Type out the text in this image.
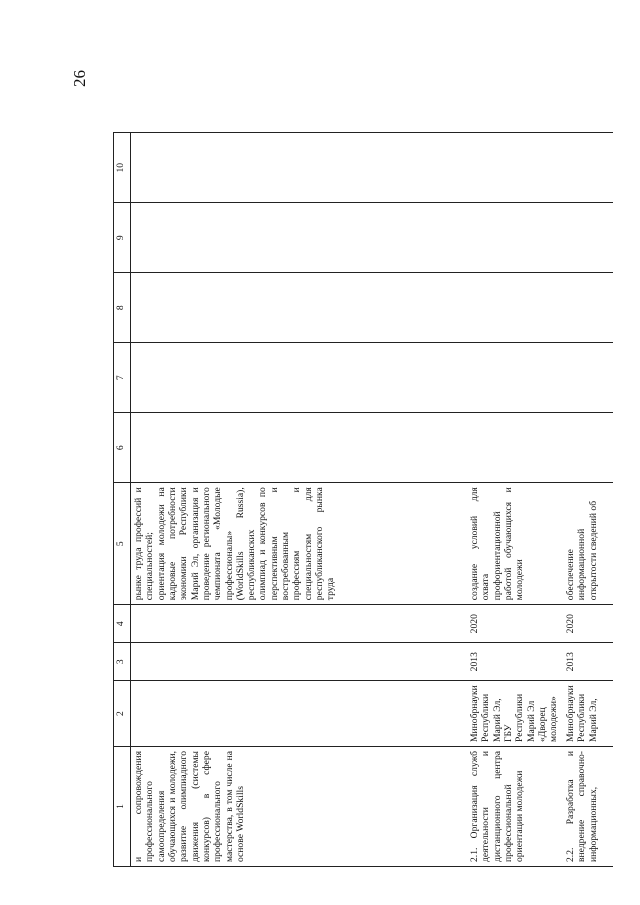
26
1	2	3	4	5	6	7	8	9	10
и сопровождения профессионального самоопределения обучающихся и молодежи, развитие олимпиадного движения (системы конкурсов) в сфере профессионального мастерства, в том числе на основе WorldSkills				рынке труда профессий и специальностей; ориентация молодежи на кадровые потребности экономики Республики Марий Эл, организация и проведение регионального чемпионата «Молодые профессионалы» (WorldSkills Russia), республиканских олимпиад и конкурсов по перспективным и востребованным профессиям и специальностям для республиканского рынка труда					
2.1. Организация служб деятельности и дистанционного центра профессиональной ориентации молодежи	Минобрнауки Республики Марий Эл, ГБУ Республики Марий Эл «Дворец молодежи»	2013	2020	создание условий для охвата профориентационной работой обучающихся и молодежи					
2.2. Разработка и внедрение справочно-информационных,	Минобрнауки Республики Марий Эл,	2013	2020	обеспечение информационной открытости сведений об					
